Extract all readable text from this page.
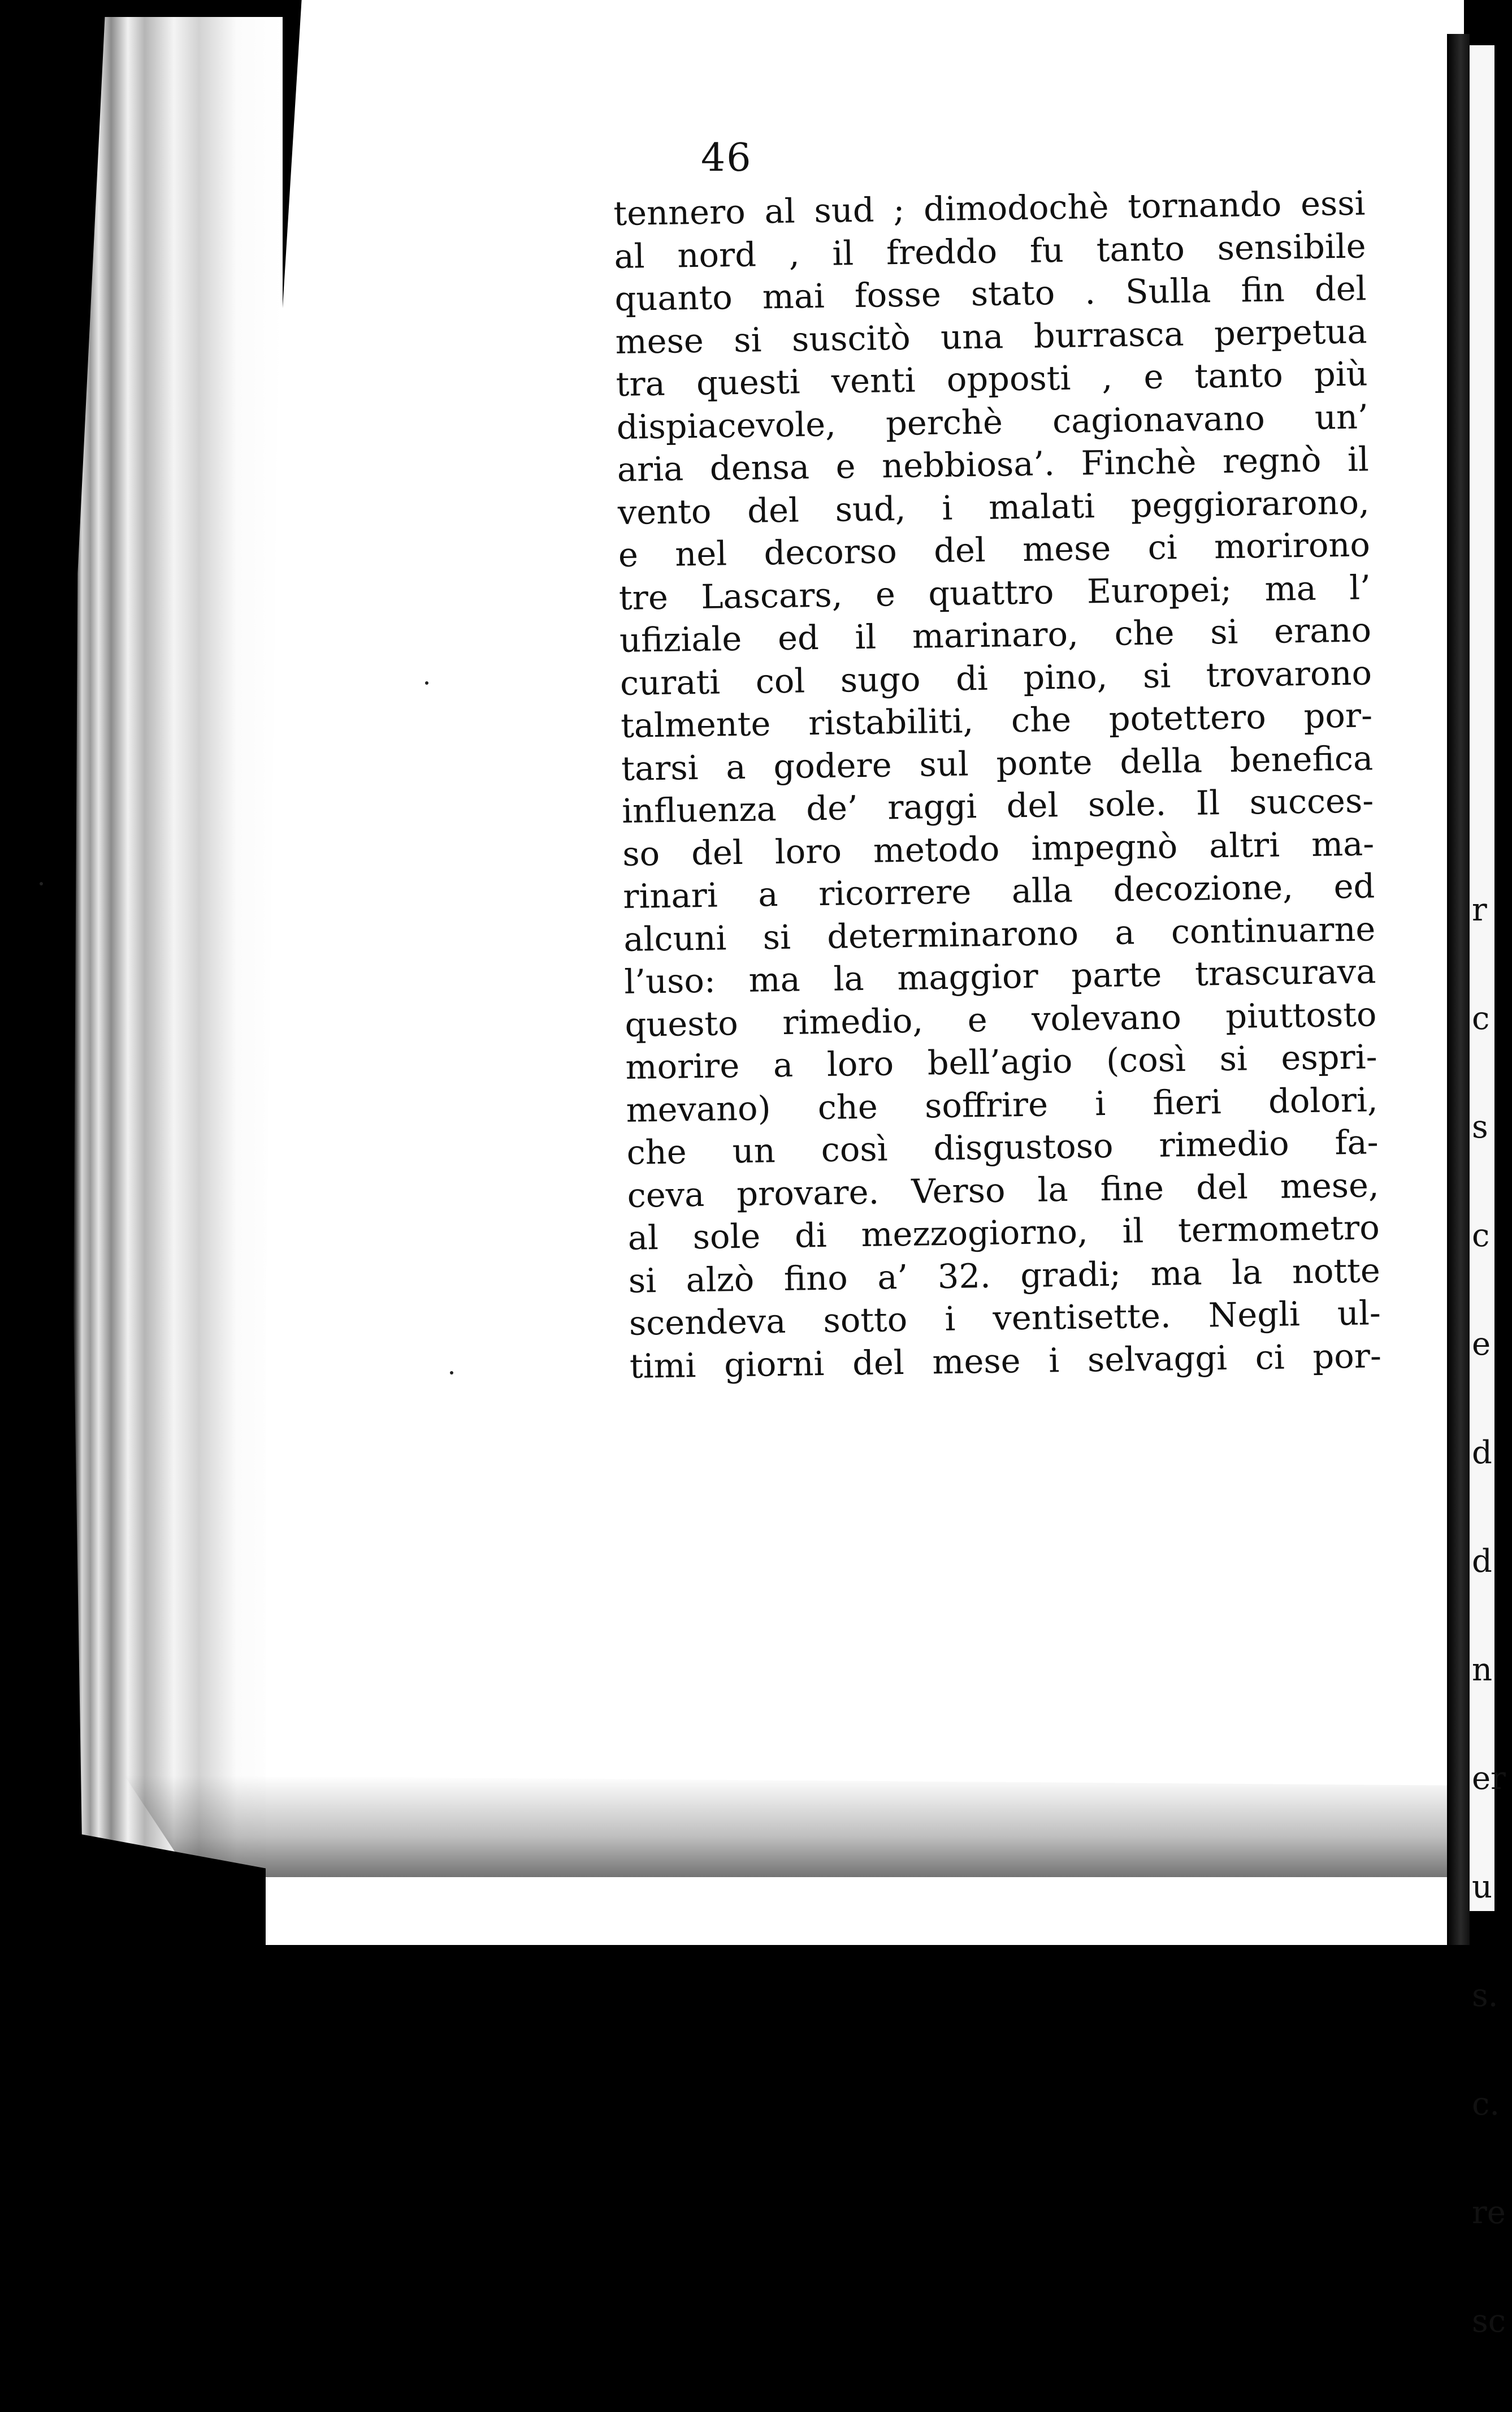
r

c

s

c

e

d

d

n

er

u

s.

c.

re

sc

46
tennero al sud ; dimodochè tornando essi
al nord , il freddo fu tanto sensibile
quanto mai fosse stato . Sulla fin del
mese si suscitò una burrasca perpetua
tra questi venti opposti , e tanto più
dispiacevole, perchè cagionavano un’
aria densa e nebbiosa’. Finchè regnò il
vento del sud, i malati peggiorarono,
e nel decorso del mese ci morirono
tre Lascars, e quattro Europei; ma l’
ufiziale ed il marinaro, che si erano
curati col sugo di pino, si trovarono
talmente ristabiliti, che potettero por-
tarsi a godere sul ponte della benefica
influenza de’ raggi del sole. Il succes-
so del loro metodo impegnò altri ma-
rinari a ricorrere alla decozione, ed
alcuni si determinarono a continuarne
l’uso: ma la maggior parte trascurava
questo rimedio, e volevano piuttosto
morire a loro bell’agio (così si espri-
mevano) che soffrire i fieri dolori,
che un così disgustoso rimedio fa-
ceva provare. Verso la fine del mese,
al sole di mezzogiorno, il termometro
si alzò fino a’ 32. gradi; ma la notte
scendeva sotto i ventisette. Negli ul-
timi giorni del mese i selvaggi ci por-
